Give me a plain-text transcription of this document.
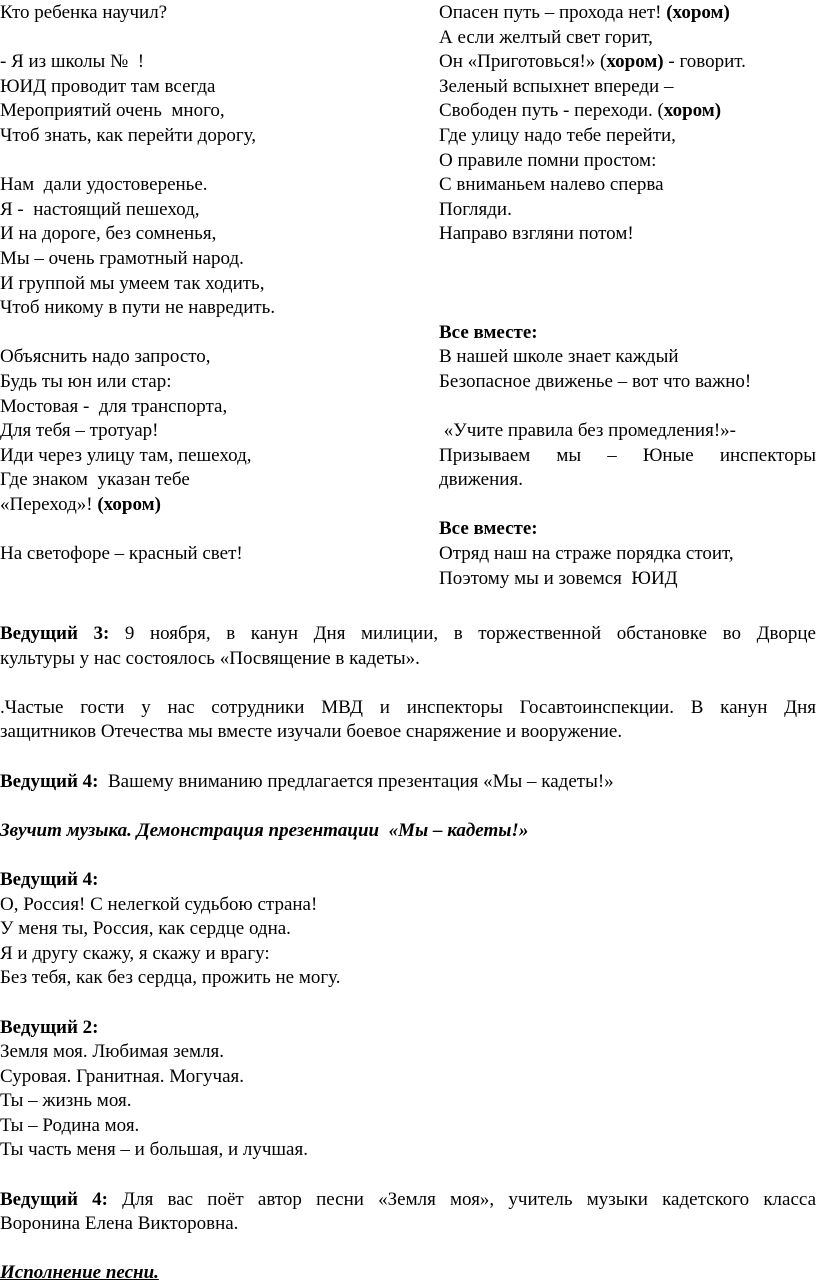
Кто ребенка научил?
- Я из школы №  !
ЮИД проводит там всегда
Мероприятий очень  много,
Чтоб знать, как перейти дорогу,
Нам  дали удостоверенье.
Я -  настоящий пешеход,
И на дороге, без сомненья,
Мы – очень грамотный народ.
И группой мы умеем так ходить,
Чтоб никому в пути не навредить.
Объяснить надо запросто,
Будь ты юн или стар:
Мостовая -  для транспорта,
Для тебя – тротуар!
Иди через улицу там, пешеход,
Где знаком  указан тебе
«Переход»! (хором)
На светофоре – красный свет!
Опасен путь – прохода нет! (хором)
А если желтый свет горит,
Он «Приготовься!» (хором) - говорит.
Зеленый вспыхнет впереди –
Свободен путь - переходи. (хором)
Где улицу надо тебе перейти,
О правиле помни простом:
С вниманьем налево сперва
Погляди.
Направо взгляни потом!
Все вместе:
В нашей школе знает каждый
Безопасное движенье – вот что важно!
«Учите правила без промедления!»-
Призываем мы – Юные инспекторы
движения.
Все вместе:
Отряд наш на страже порядка стоит,
Поэтому мы и зовемся  ЮИД
Ведущий 3: 9 ноября, в канун Дня милиции, в торжественной обстановке во Дворце
культуры у нас состоялось «Посвящение в кадеты».
.Частые гости у нас сотрудники МВД и инспекторы Госавтоинспекции. В канун Дня
защитников Отечества мы вместе изучали боевое снаряжение и вооружение.
Ведущий 4:  Вашему вниманию предлагается презентация «Мы – кадеты!»
Звучит музыка. Демонстрация презентации  «Мы – кадеты!»
Ведущий 4:
О, Россия! С нелегкой судьбою страна!
У меня ты, Россия, как сердце одна.
Я и другу скажу, я скажу и врагу:
Без тебя, как без сердца, прожить не могу.
Ведущий 2:
Земля моя. Любимая земля.
Суровая. Гранитная. Могучая.
Ты – жизнь моя.
Ты – Родина моя.
Ты часть меня – и большая, и лучшая.
Ведущий 4: Для вас поёт автор песни «Земля моя», учитель музыки кадетского класса
Воронина Елена Викторовна.
Исполнение песни.
